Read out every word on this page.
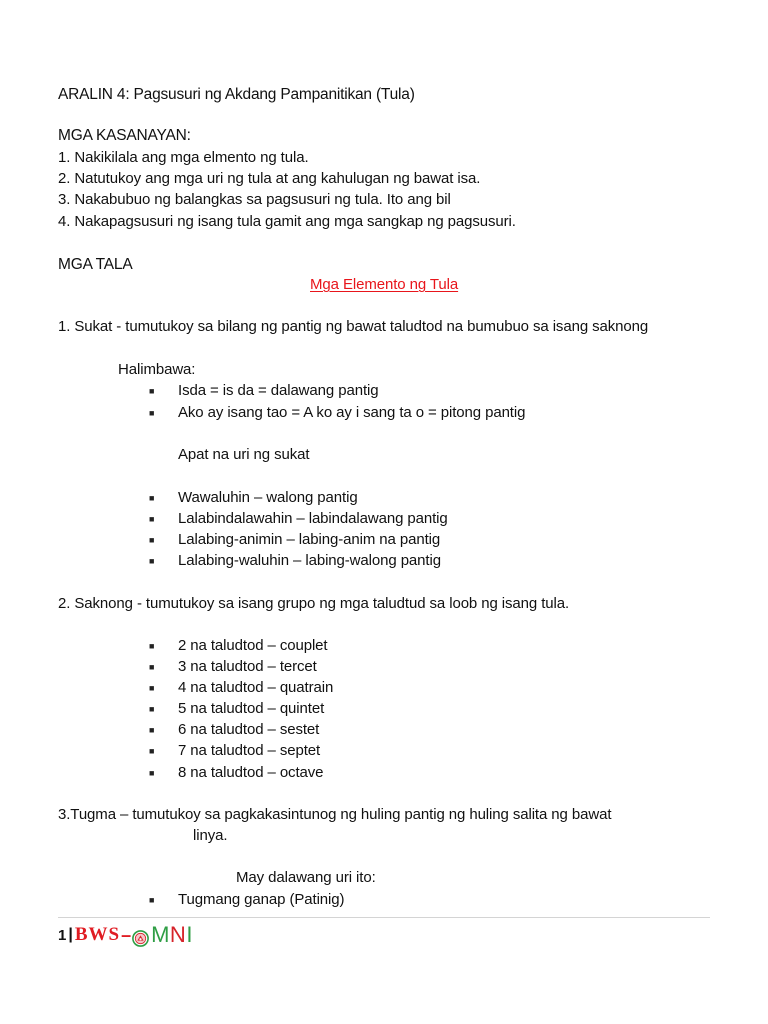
ARALIN 4: Pagsusuri ng Akdang Pampanitikan (Tula)
MGA KASANAYAN:
1. Nakikilala ang mga elmento ng tula.
2. Natutukoy ang mga uri ng tula at ang kahulugan ng bawat isa.
3. Nakabubuo ng balangkas sa pagsusuri ng tula. Ito ang bil
4. Nakapagsusuri ng isang tula gamit ang mga sangkap ng pagsusuri.
MGA TALA
Mga Elemento ng Tula
1. Sukat - tumutukoy sa bilang ng pantig ng bawat taludtod na bumubuo sa isang saknong
Halimbawa:
■ Isda = is da = dalawang pantig
■ Ako ay isang tao = A ko ay i sang ta o = pitong pantig
Apat na uri ng sukat
■ Wawaluhin – walong pantig
■ Lalabindalawahin – labindalawang pantig
■ Lalabing-animin – labing-anim na pantig
■ Lalabing-waluhin – labing-walong pantig
2. Saknong - tumutukoy sa isang grupo ng mga taludtud sa loob ng isang tula.
■ 2 na taludtod – couplet
■ 3 na taludtod – tercet
■ 4 na taludtod – quatrain
■ 5 na taludtod – quintet
■ 6 na taludtod – sestet
■ 7 na taludtod – septet
■ 8 na taludtod – octave
3.Tugma – tumutukoy sa pagkakasintunog ng huling pantig ng huling salita ng bawat
linya.
May dalawang uri ito:
■ Tugmang ganap (Patinig)
1 | BWS – M N I
